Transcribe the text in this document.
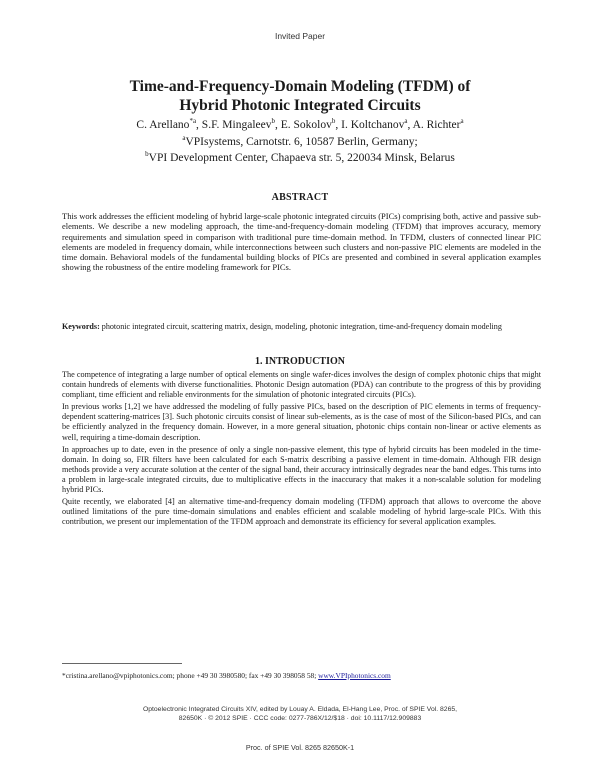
Invited Paper
Time-and-Frequency-Domain Modeling (TFDM) of
Hybrid Photonic Integrated Circuits
C. Arellano$^{*a}$, S.F. Mingaleev$^b$, E. Sokolov$^b$, I. Koltchanov$^a$, A. Richter$^a$
$^a$VPIsystems, Carnotstr. 6, 10587 Berlin, Germany;
$^b$VPI Development Center, Chapaeva str. 5, 220034 Minsk, Belarus
ABSTRACT
This work addresses the efficient modeling of hybrid large-scale photonic integrated circuits (PICs) comprising both, active and passive sub-elements. We describe a new modeling approach, the time-and-frequency-domain modeling (TFDM) that improves accuracy, memory requirements and simulation speed in comparison with traditional pure time-domain method. In TFDM, clusters of connected linear PIC elements are modeled in frequency domain, while interconnections between such clusters and non-passive PIC elements are modeled in the time domain. Behavioral models of the fundamental building blocks of PICs are presented and combined in several application examples showing the robustness of the entire modeling framework for PICs.
Keywords: photonic integrated circuit, scattering matrix, design, modeling, photonic integration, time-and-frequency domain modeling
1. INTRODUCTION

The competence of integrating a large number of optical elements on single wafer-dices involves the design of complex photonic chips that might contain hundreds of elements with diverse functionalities. Photonic Design automation (PDA) can contribute to the progress of this by providing compliant, time efficient and reliable environments for the simulation of photonic integrated circuits (PICs).

In previous works [1,2] we have addressed the modeling of fully passive PICs, based on the description of PIC elements in terms of frequency-dependent scattering-matrices [3]. Such photonic circuits consist of linear sub-elements, as is the case of most of the Silicon-based PICs, and can be efficiently analyzed in the frequency domain. However, in a more general situation, photonic chips contain non-linear or active elements as well, requiring a time-domain description.

In approaches up to date, even in the presence of only a single non-passive element, this type of hybrid circuits has been modeled in the time-domain. In doing so, FIR filters have been calculated for each S-matrix describing a passive element in time-domain. Although FIR design methods provide a very accurate solution at the center of the signal band, their accuracy intrinsically degrades near the band edges. This turns into a problem in large-scale integrated circuits, due to multiplicative effects in the inaccuracy that makes it a non-scalable solution for modeling hybrid PICs.

Quite recently, we elaborated [4] an alternative time-and-frequency domain modeling (TFDM) approach that allows to overcome the above outlined limitations of the pure time-domain simulations and enables efficient and scalable modeling of hybrid large-scale PICs. With this contribution, we present our implementation of the TFDM approach and demonstrate its efficiency for several application examples.

*cristina.arellano@vpiphotonics.com; phone +49 30 3980580; fax +49 30 398058 58; www.VPIphotonics.com
Optoelectronic Integrated Circuits XIV, edited by Louay A. Eldada, El-Hang Lee, Proc. of SPIE Vol. 8265,
82650K · © 2012 SPIE · CCC code: 0277-786X/12/$18 · doi: 10.1117/12.909883
Proc. of SPIE Vol. 8265 82650K-1
